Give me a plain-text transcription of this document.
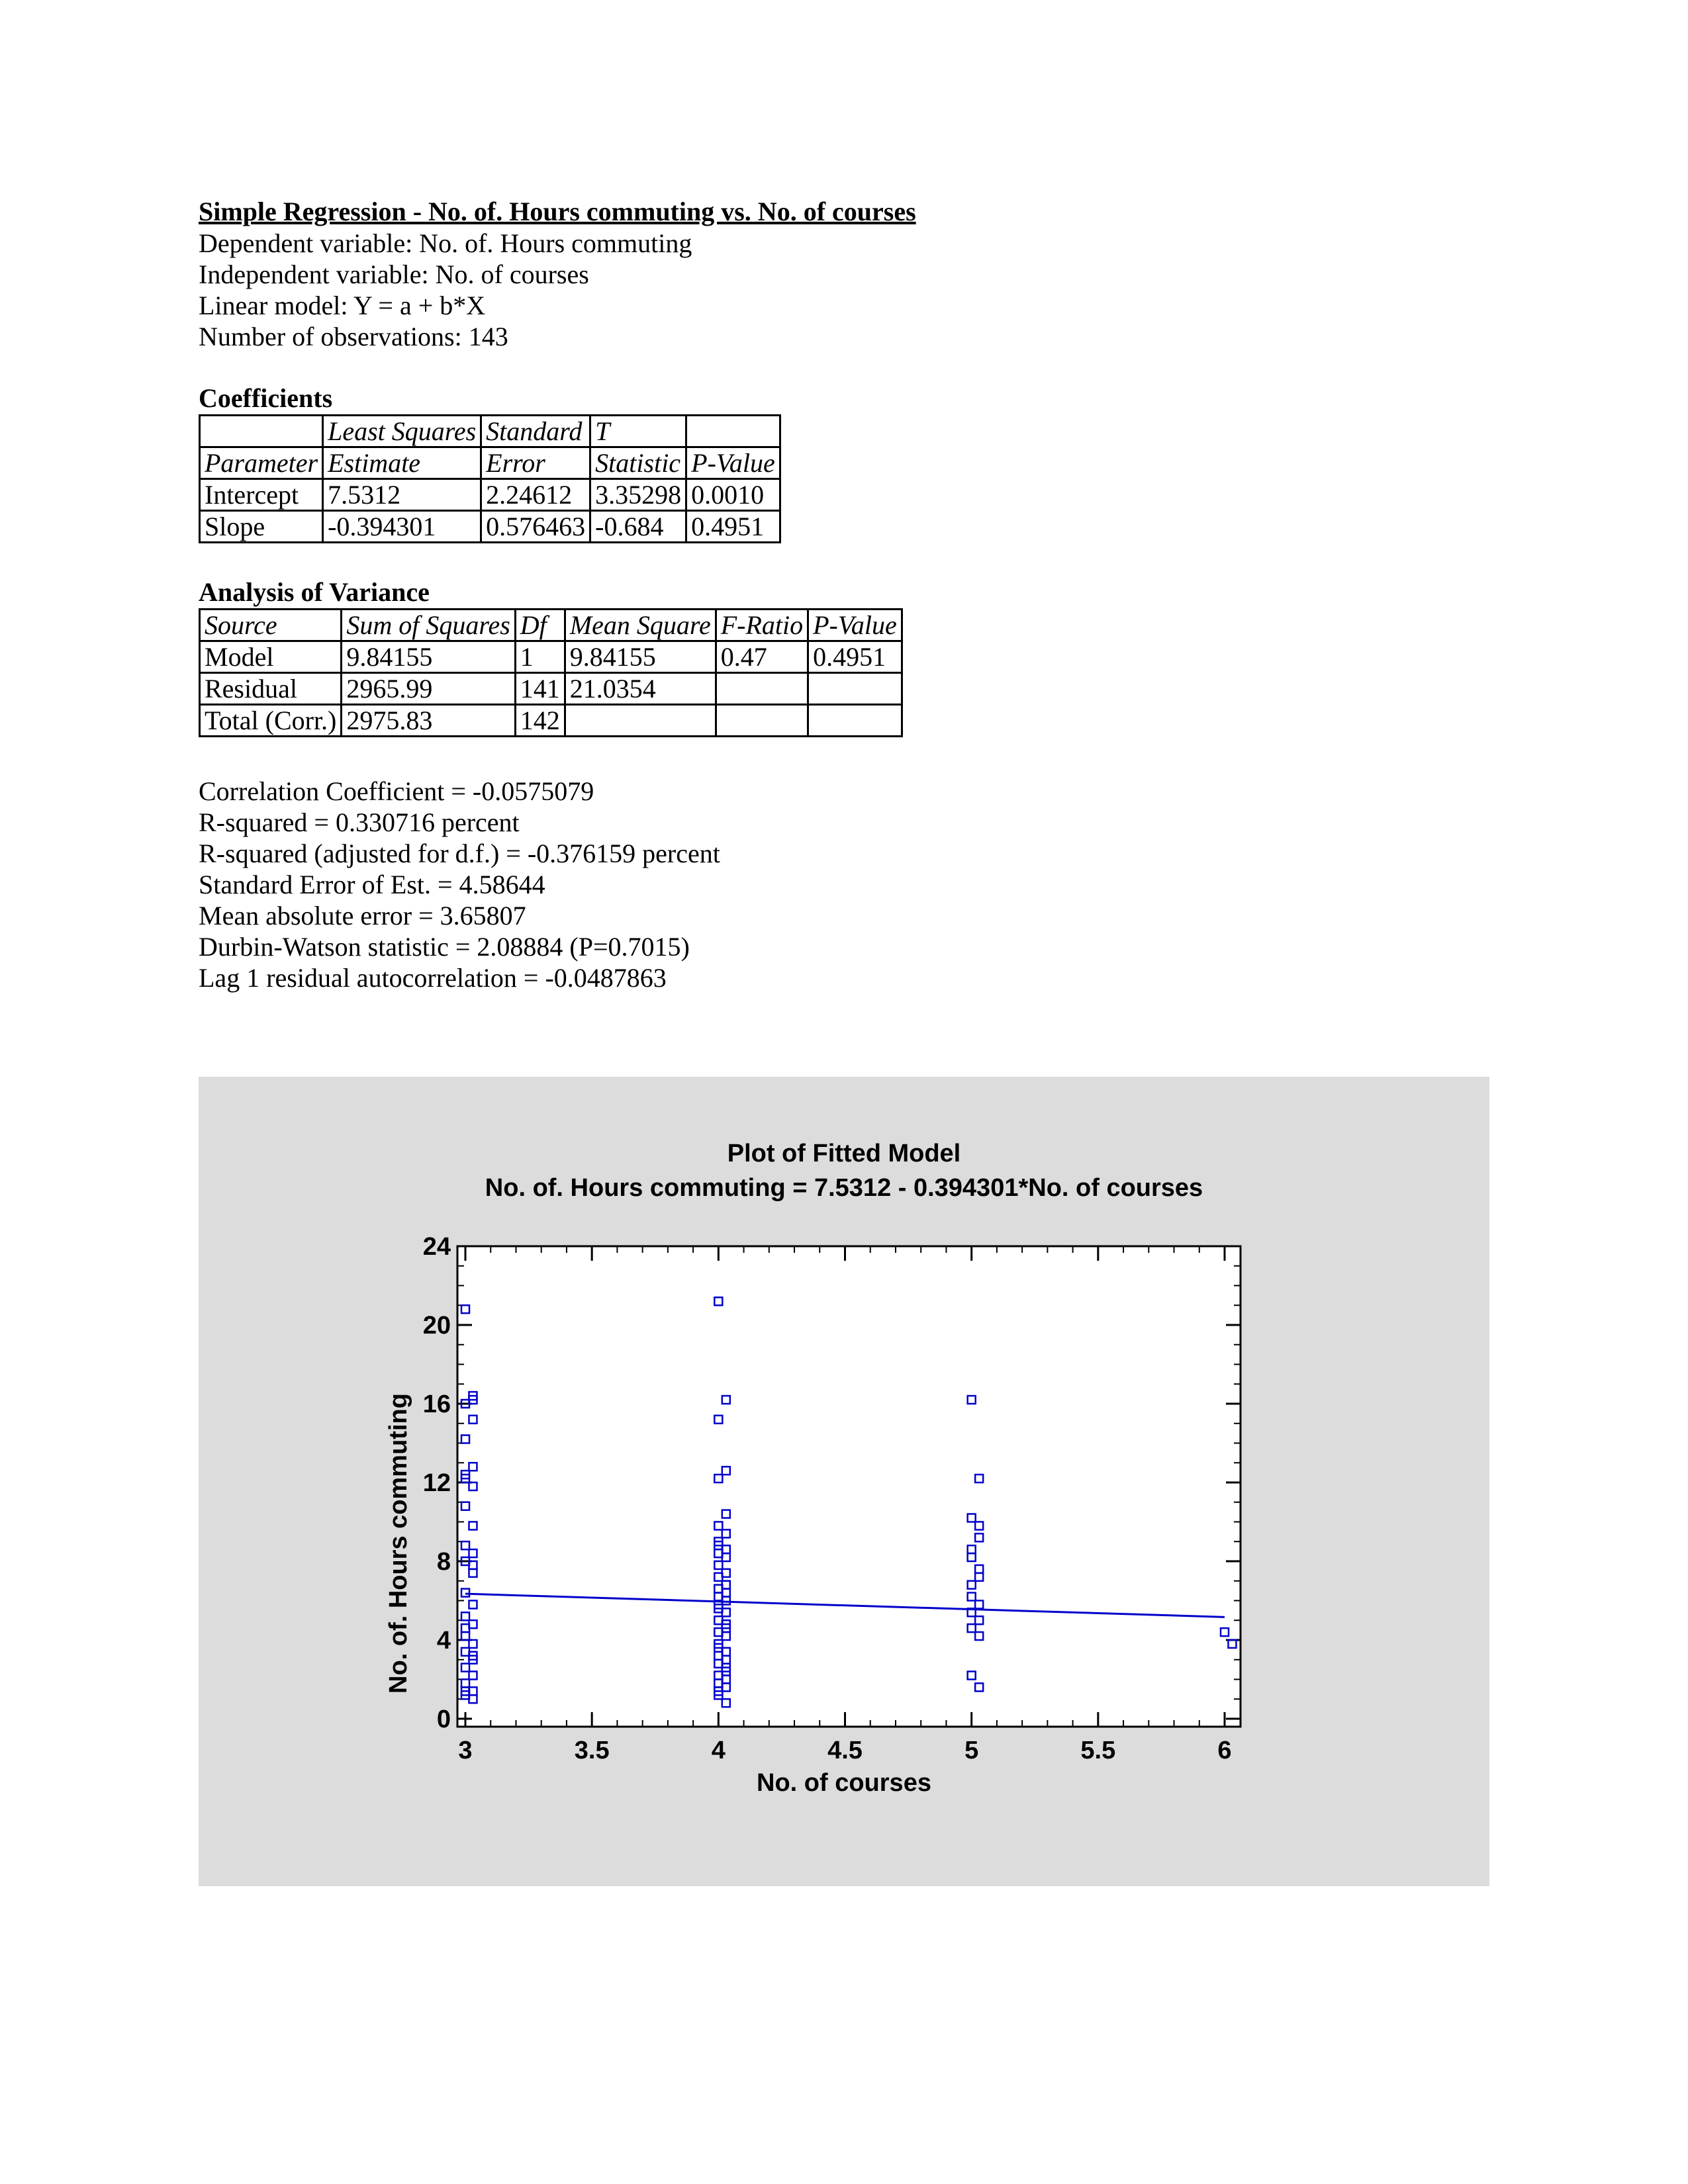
Simple Regression - No. of. Hours commuting vs. No. of courses

Dependent variable: No. of. Hours commuting

Independent variable: No. of courses

Linear model: Y = a + b*X

Number of observations: 143

Coefficients

	Least Squares	Standard	T	
Parameter	Estimate	Error	Statistic	P-Value
Intercept	7.5312	2.24612	3.35298	0.0010
Slope	-0.394301	0.576463	-0.684	0.4951

Analysis of Variance

Source	Sum of Squares	Df	Mean Square	F-Ratio	P-Value
Model	9.84155	1	9.84155	0.47	0.4951
Residual	2965.99	141	21.0354		
Total (Corr.)	2975.83	142			

Correlation Coefficient = -0.0575079

R-squared = 0.330716 percent

R-squared (adjusted for d.f.) = -0.376159 percent

Standard Error of Est. = 4.58644

Mean absolute error = 3.65807

Durbin-Watson statistic = 2.08884 (P=0.7015)

Lag 1 residual autocorrelation = -0.0487863

Plot of Fitted Model
No. of. Hours commuting = 7.5312 - 0.394301*No. of courses
No. of courses
No. of. Hours commuting
3	3.5	4	4.5	5	5.5	6
0
4
8
12
16
20
24
